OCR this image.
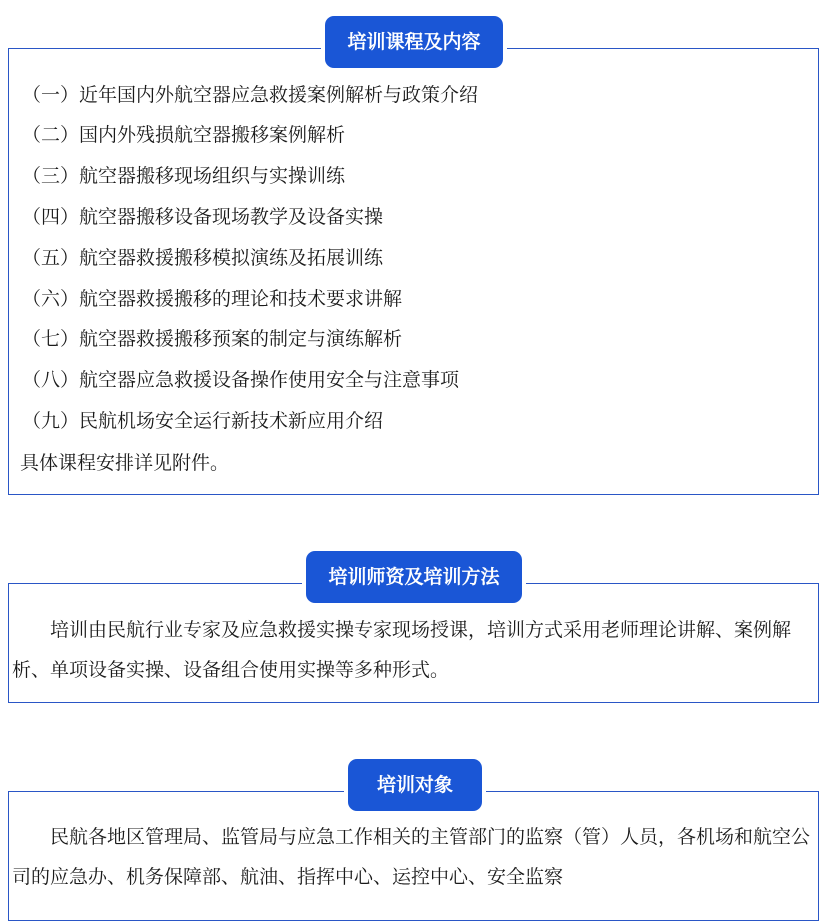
培训课程及内容
（一）近年国内外航空器应急救援案例解析与政策介绍
（二）国内外残损航空器搬移案例解析
（三）航空器搬移现场组织与实操训练
（四）航空器搬移设备现场教学及设备实操
（五）航空器救援搬移模拟演练及拓展训练
（六）航空器救援搬移的理论和技术要求讲解
（七）航空器救援搬移预案的制定与演练解析
（八）航空器应急救援设备操作使用安全与注意事项
（九）民航机场安全运行新技术新应用介绍
具体课程安排详见附件。
培训师资及培训方法

培训由民航行业专家及应急救援实操专家现场授课，培训方式采用老师理论讲解、案例解析、单项设备实操、设备组合使用实操等多种形式。

培训对象

民航各地区管理局、监管局与应急工作相关的主管部门的监察（管）人员，各机场和航空公司的应急办、机务保障部、航油、指挥中心、运控中心、安全监察
